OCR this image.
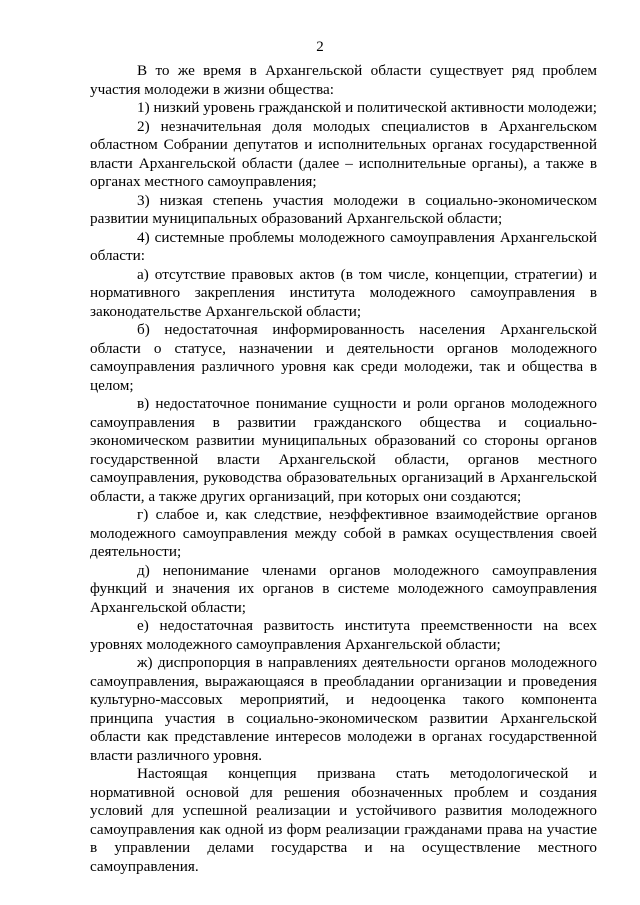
2

В то же время в Архангельской области существует ряд проблем участия молодежи в жизни общества:

1) низкий уровень гражданской и политической активности молодежи;

2) незначительная доля молодых специалистов в Архангельском областном Собрании депутатов и исполнительных органах государственной власти Архангельской области (далее – исполнительные органы), а также в органах местного самоуправления;

3) низкая степень участия молодежи в социально-экономическом развитии муниципальных образований Архангельской области;

4) системные проблемы молодежного самоуправления Архангельской области:

а) отсутствие правовых актов (в том числе, концепции, стратегии) и нормативного закрепления института молодежного самоуправления в законодательстве Архангельской области;

б) недостаточная информированность населения Архангельской области о статусе, назначении и деятельности органов молодежного самоуправления различного уровня как среди молодежи, так и общества в целом;

в) недостаточное понимание сущности и роли органов молодежного самоуправления в развитии гражданского общества и социально-экономическом развитии муниципальных образований со стороны органов государственной власти Архангельской области, органов местного самоуправления, руководства образовательных организаций в Архангельской области, а также других организаций, при которых они создаются;

г) слабое и, как следствие, неэффективное взаимодействие органов молодежного самоуправления между собой в рамках осуществления своей деятельности;

д) непонимание членами органов молодежного самоуправления функций и значения их органов в системе молодежного самоуправления Архангельской области;

е) недостаточная развитость института преемственности на всех уровнях молодежного самоуправления Архангельской области;

ж) диспропорция в направлениях деятельности органов молодежного самоуправления, выражающаяся в преобладании организации и проведения культурно-массовых мероприятий, и недооценка такого компонента принципа участия в социально-экономическом развитии Архангельской области как представление интересов молодежи в органах государственной власти различного уровня.

Настоящая концепция призвана стать методологической и нормативной основой для решения обозначенных проблем и создания условий для успешной реализации и устойчивого развития молодежного самоуправления как одной из форм реализации гражданами права на участие в управлении делами государства и на осуществление местного самоуправления.
